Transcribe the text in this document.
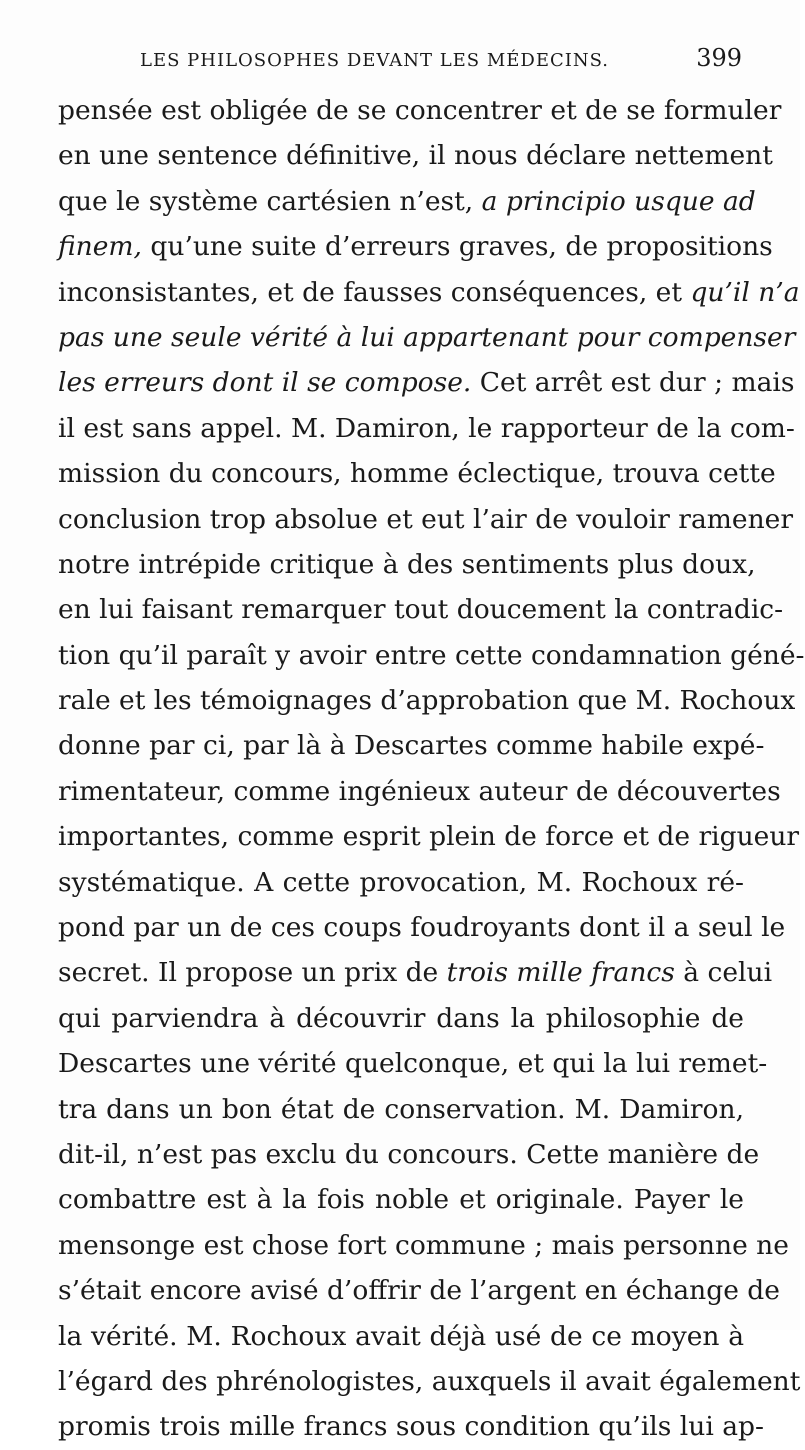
LES PHILOSOPHES DEVANT LES MÉDECINS.	399
pensée est obligée de se concentrer et de se formuler
en une sentence définitive, il nous déclare nettement
que le système cartésien n’est, a principio usque ad
finem, qu’une suite d’erreurs graves, de propositions
inconsistantes, et de fausses conséquences, et qu’il n’a
pas une seule vérité à lui appartenant pour compenser
les erreurs dont il se compose. Cet arrêt est dur ; mais
il est sans appel. M. Damiron, le rapporteur de la com-
mission du concours, homme éclectique, trouva cette
conclusion trop absolue et eut l’air de vouloir ramener
notre intrépide critique à des sentiments plus doux,
en lui faisant remarquer tout doucement la contradic-
tion qu’il paraît y avoir entre cette condamnation géné-
rale et les témoignages d’approbation que M. Rochoux
donne par ci, par là à Descartes comme habile expé-
rimentateur, comme ingénieux auteur de découvertes
importantes, comme esprit plein de force et de rigueur
systématique. A cette provocation, M. Rochoux ré-
pond par un de ces coups foudroyants dont il a seul le
secret. Il propose un prix de trois mille francs à celui
qui parviendra à découvrir dans la philosophie de
Descartes une vérité quelconque, et qui la lui remet-
tra dans un bon état de conservation. M. Damiron,
dit-il, n’est pas exclu du concours. Cette manière de
combattre est à la fois noble et originale. Payer le
mensonge est chose fort commune ; mais personne ne
s’était encore avisé d’offrir de l’argent en échange de
la vérité. M. Rochoux avait déjà usé de ce moyen à
l’égard des phrénologistes, auxquels il avait également
promis trois mille francs sous condition qu’ils lui ap-
